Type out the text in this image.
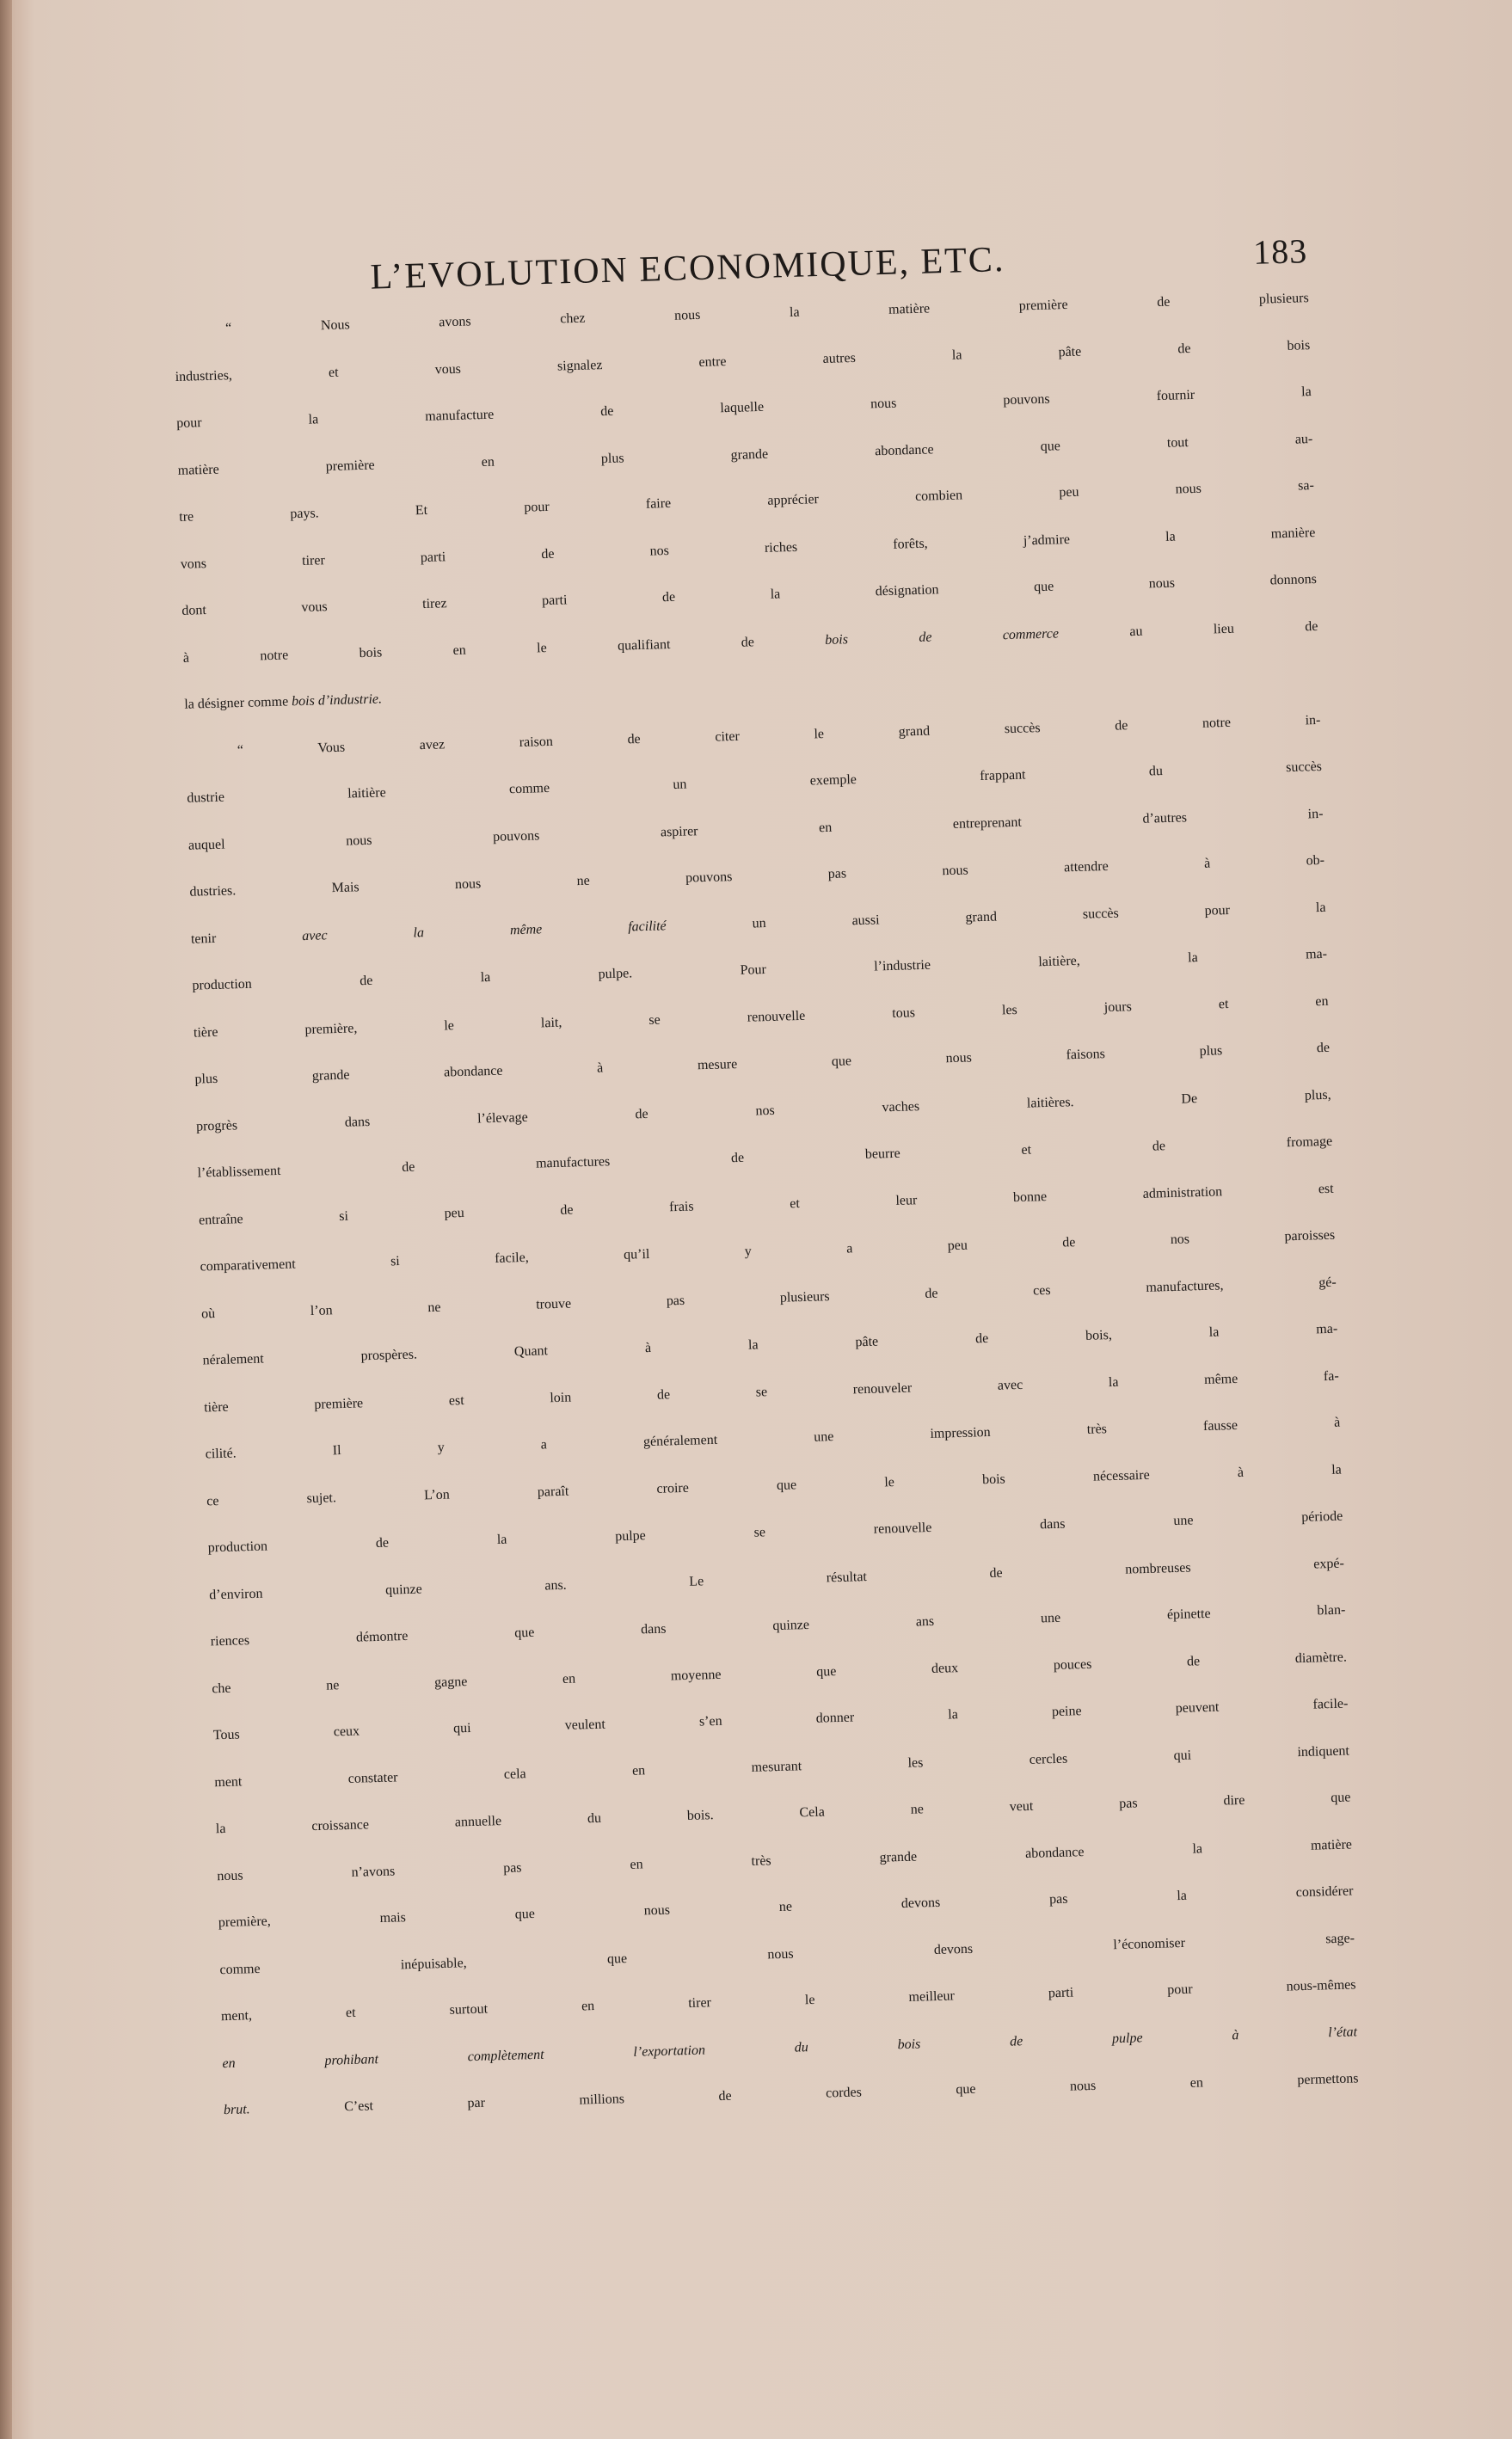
L’EVOLUTION ECONOMIQUE, ETC.	183
“ Nous avons chez nous la matière première de plusieurs
industries, et vous signalez entre autres la pâte de bois
pour la manufacture de laquelle nous pouvons fournir la
matière première en plus grande abondance que tout au-
tre pays. Et pour faire apprécier combien peu nous sa-
vons tirer parti de nos riches forêts, j’admire la manière
dont vous tirez parti de la désignation que nous donnons
à notre bois en le qualifiant de bois de commerce au lieu de
la désigner comme bois d’industrie.
“ Vous avez raison de citer le grand succès de notre in-
dustrie laitière comme un exemple frappant du succès
auquel nous pouvons aspirer en entreprenant d’autres in-
dustries. Mais nous ne pouvons pas nous attendre à ob-
tenir avec la même facilité un aussi grand succès pour la
production de la pulpe. Pour l’industrie laitière, la ma-
tière première, le lait, se renouvelle tous les jours et en
plus grande abondance à mesure que nous faisons plus de
progrès dans l’élevage de nos vaches laitières. De plus,
l’établissement de manufactures de beurre et de fromage
entraîne si peu de frais et leur bonne administration est
comparativement si facile, qu’il y a peu de nos paroisses
où l’on ne trouve pas plusieurs de ces manufactures, gé-
néralement prospères. Quant à la pâte de bois, la ma-
tière première est loin de se renouveler avec la même fa-
cilité. Il y a généralement une impression très fausse à
ce sujet. L’on paraît croire que le bois nécessaire à la
production de la pulpe se renouvelle dans une période
d’environ quinze ans. Le résultat de nombreuses expé-
riences démontre que dans quinze ans une épinette blan-
che ne gagne en moyenne que deux pouces de diamètre.
Tous ceux qui veulent s’en donner la peine peuvent facile-
ment constater cela en mesurant les cercles qui indiquent
la croissance annuelle du bois. Cela ne veut pas dire que
nous n’avons pas en très grande abondance la matière
première, mais que nous ne devons pas la considérer
comme inépuisable, que nous devons l’économiser sage-
ment, et surtout en tirer le meilleur parti pour nous-mêmes
en prohibant complètement l’exportation du bois de pulpe à l’état
brut. C’est par millions de cordes que nous en permettons
